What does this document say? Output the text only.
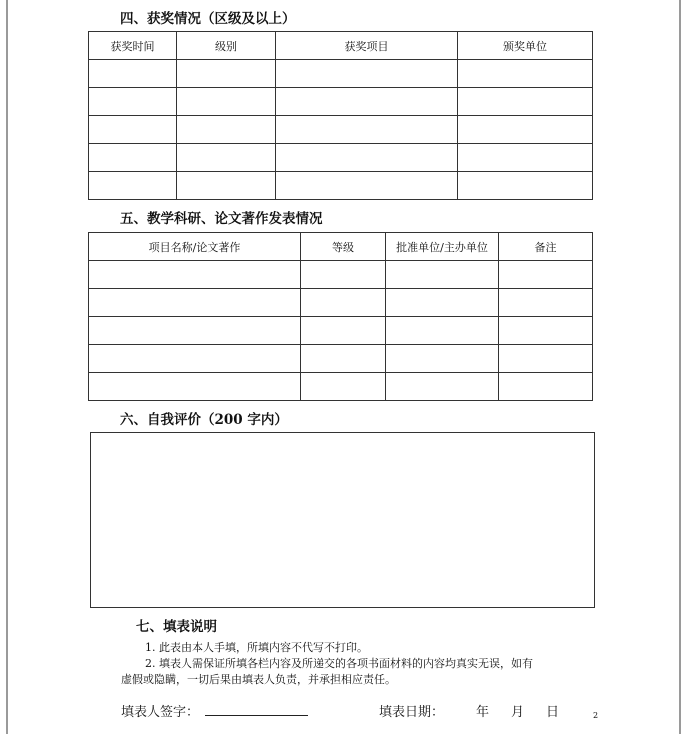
四、获奖情况（区级及以上）
获奖时间	级别	获奖项目	颁奖单位

五、教学科研、论文著作发表情况
项目名称/论文著作	等级	批准单位/主办单位	备注

六、自我评价（200 字内）
七、填表说明
1. 此表由本人手填，所填内容不代写不打印。
2. 填表人需保证所填各栏内容及所递交的各项书面材料的内容均真实无误，如有
虚假或隐瞒，一切后果由填表人负责，并承担相应责任。
填表人签字：	填表日期： 年 月 日	2
